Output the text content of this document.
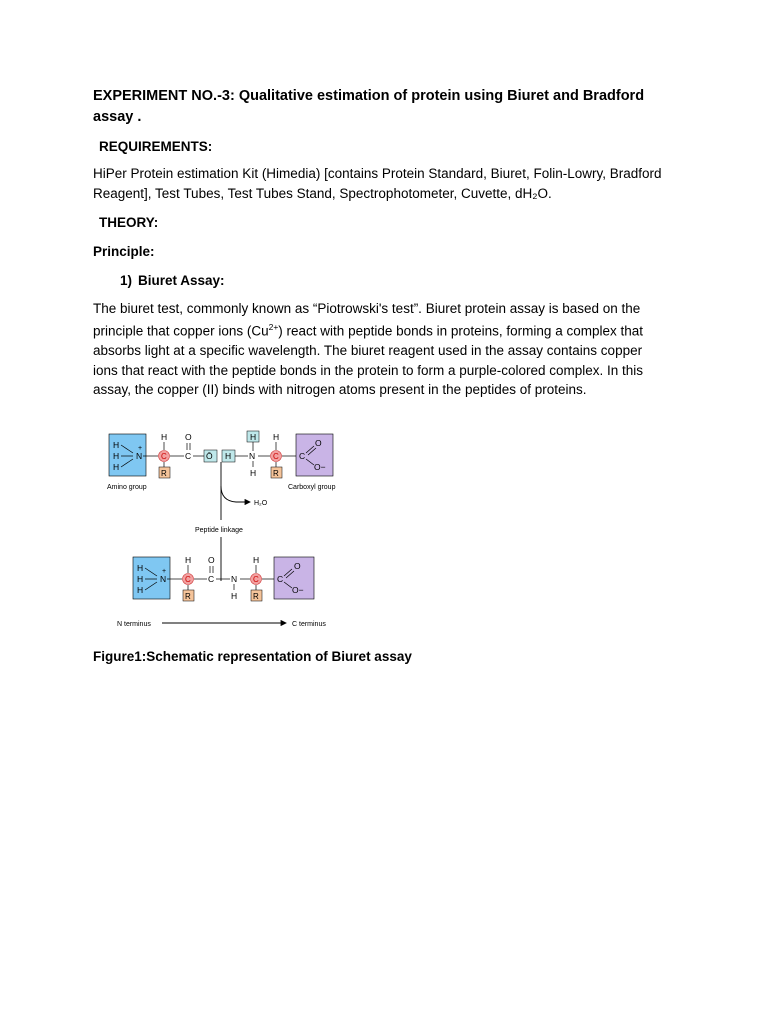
EXPERIMENT NO.-3: Qualitative estimation of protein using Biuret and Bradford assay .
REQUIREMENTS:

HiPer Protein estimation Kit (Himedia) [contains Protein Standard, Biuret, Folin-Lowry, Bradford Reagent], Test Tubes, Test Tubes Stand, Spectrophotometer, Cuvette, dH₂O.

THEORY:
Principle:
1) Biuret Assay:

The biuret test, commonly known as “Piotrowski's test”. Biuret protein assay is based on the principle that copper ions $(Cu^{2+})$ react with peptide bonds in proteins, forming a complex that absorbs light at a specific wavelength. The biuret reagent used in the assay contains copper ions that react with the peptide bonds in the protein to form a purple-colored complex. In this assay, the copper (II) binds with nitrogen atoms present in the peptides of proteins.

H
H
H
N
+
C
R
H
C
O
Ō H
H
N
H
C
H
R
C
O
O−
Amino group	Carboxyl group
H₂O
Peptide linkage
H
H
H
N
+
C
H
R
C
O
N
H
C
H
R
C
O
O−
N terminus	C terminus
Figure1:Schematic representation of Biuret assay
